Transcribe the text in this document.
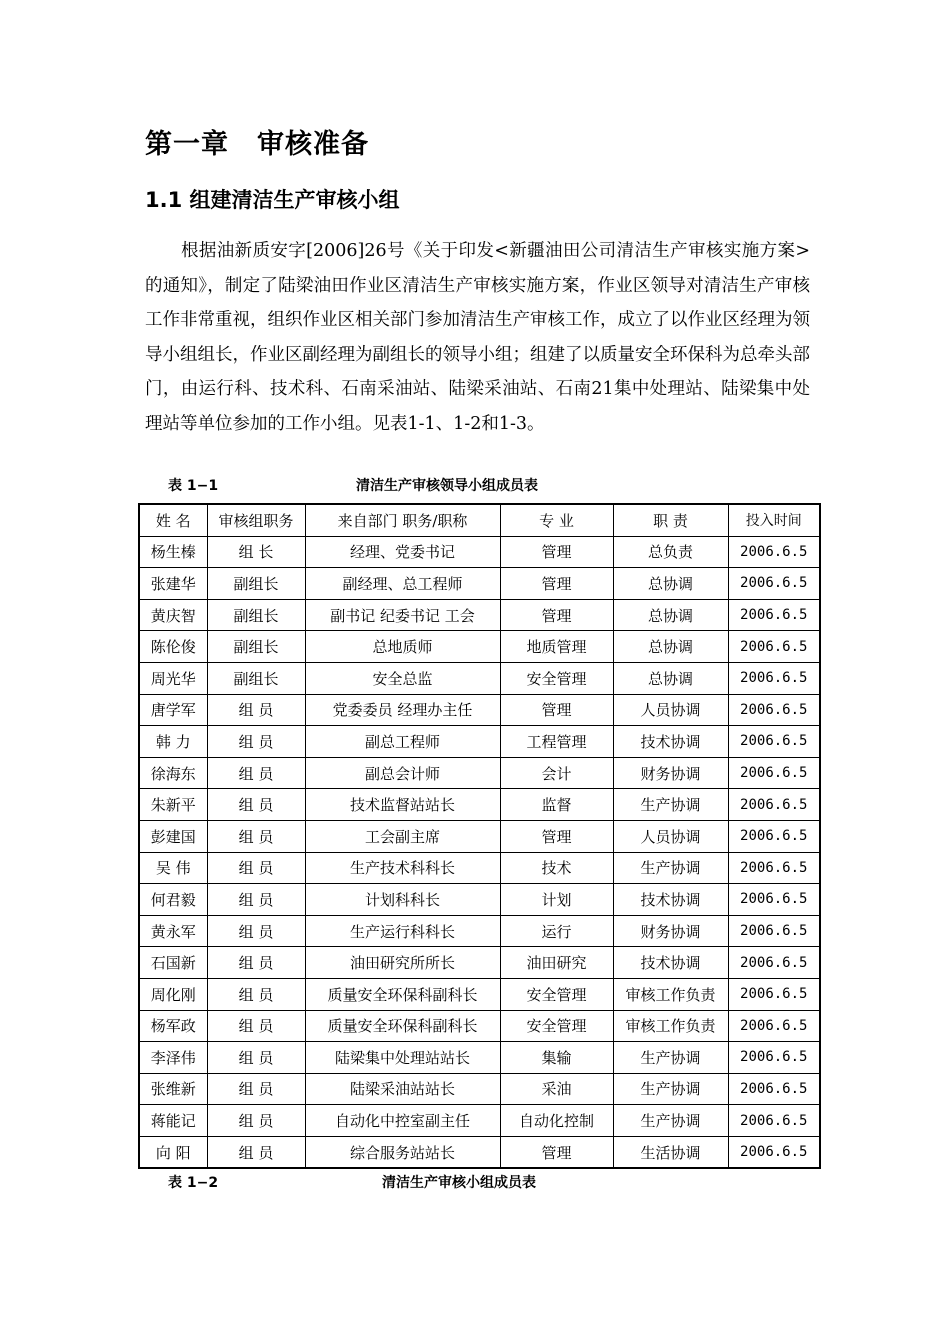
第一章　审核准备
1.1 组建清洁生产审核小组

根据油新质安字[2006]26号《关于印发<新疆油田公司清洁生产审核实施方案>的通知》，制定了陆梁油田作业区清洁生产审核实施方案，作业区领导对清洁生产审核工作非常重视，组织作业区相关部门参加清洁生产审核工作，成立了以作业区经理为领导小组组长，作业区副经理为副组长的领导小组；组建了以质量安全环保科为总牵头部门，由运行科、技术科、石南采油站、陆梁采油站、石南21集中处理站、陆梁集中处理站等单位参加的工作小组。见表1-1、1-2和1-3。

表 1−1	清洁生产审核领导小组成员表
姓 名	审核组职务	来自部门 职务/职称	专 业	职 责	投入时间
杨生榛	组 长	经理、党委书记	管理	总负责	2006.6.5
张建华	副组长	副经理、总工程师	管理	总协调	2006.6.5
黄庆智	副组长	副书记 纪委书记 工会	管理	总协调	2006.6.5
陈伦俊	副组长	总地质师	地质管理	总协调	2006.6.5
周光华	副组长	安全总监	安全管理	总协调	2006.6.5
唐学军	组 员	党委委员 经理办主任	管理	人员协调	2006.6.5
韩 力	组 员	副总工程师	工程管理	技术协调	2006.6.5
徐海东	组 员	副总会计师	会计	财务协调	2006.6.5
朱新平	组 员	技术监督站站长	监督	生产协调	2006.6.5
彭建国	组 员	工会副主席	管理	人员协调	2006.6.5
吴 伟	组 员	生产技术科科长	技术	生产协调	2006.6.5
何君毅	组 员	计划科科长	计划	技术协调	2006.6.5
黄永军	组 员	生产运行科科长	运行	财务协调	2006.6.5
石国新	组 员	油田研究所所长	油田研究	技术协调	2006.6.5
周化刚	组 员	质量安全环保科副科长	安全管理	审核工作负责	2006.6.5
杨军政	组 员	质量安全环保科副科长	安全管理	审核工作负责	2006.6.5
李泽伟	组 员	陆梁集中处理站站长	集输	生产协调	2006.6.5
张维新	组 员	陆梁采油站站长	采油	生产协调	2006.6.5
蒋能记	组 员	自动化中控室副主任	自动化控制	生产协调	2006.6.5
向 阳	组 员	综合服务站站长	管理	生活协调	2006.6.5
表 1−2	清洁生产审核小组成员表
